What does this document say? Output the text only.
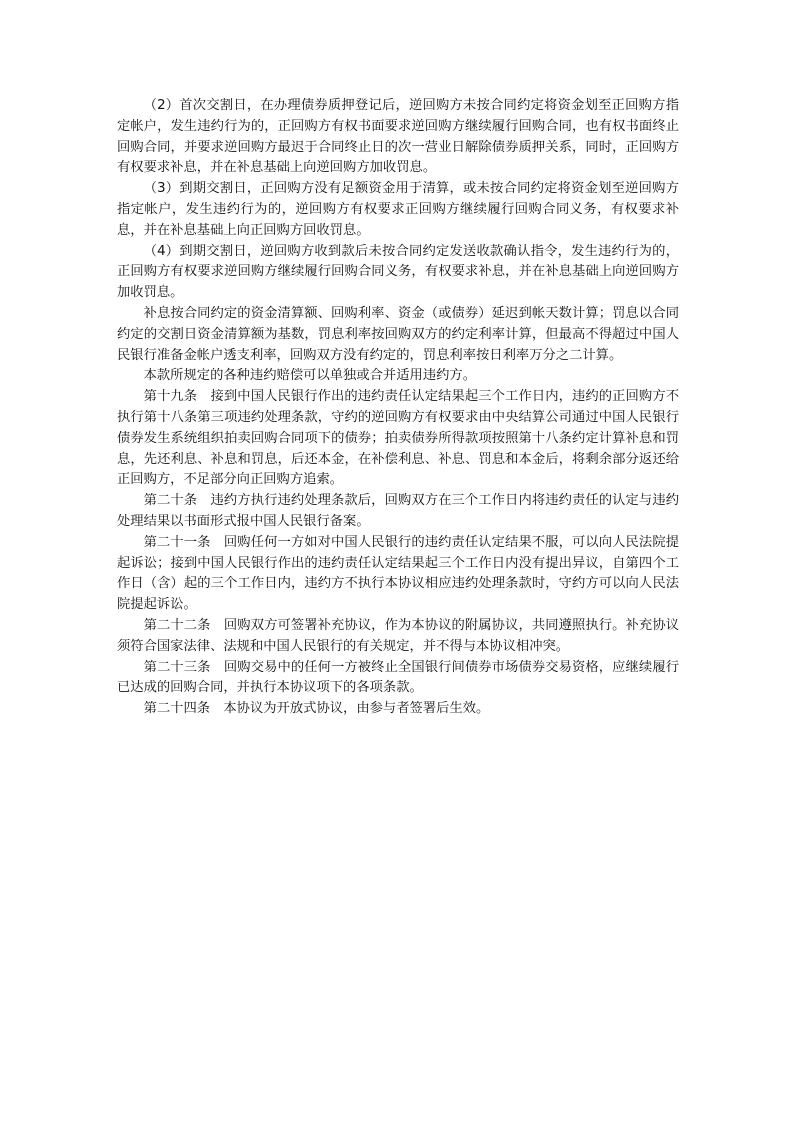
（2）首次交割日，在办理债券质押登记后，逆回购方未按合同约定将资金划至正回购方指定帐户，发生违约行为的，正回购方有权书面要求逆回购方继续履行回购合同，也有权书面终止回购合同，并要求逆回购方最迟于合同终止日的次一营业日解除债券质押关系，同时，正回购方有权要求补息，并在补息基础上向逆回购方加收罚息。

（3）到期交割日，正回购方没有足额资金用于清算，或未按合同约定将资金划至逆回购方指定帐户，发生违约行为的，逆回购方有权要求正回购方继续履行回购合同义务，有权要求补息，并在补息基础上向正回购方回收罚息。

（4）到期交割日，逆回购方收到款后未按合同约定发送收款确认指令，发生违约行为的，正回购方有权要求逆回购方继续履行回购合同义务，有权要求补息，并在补息基础上向逆回购方加收罚息。

补息按合同约定的资金清算额、回购利率、资金（或债券）延迟到帐天数计算；罚息以合同约定的交割日资金清算额为基数，罚息利率按回购双方的约定利率计算，但最高不得超过中国人民银行准备金帐户透支利率，回购双方没有约定的，罚息利率按日利率万分之二计算。

本款所规定的各种违约赔偿可以单独或合并适用违约方。

第十九条　接到中国人民银行作出的违约责任认定结果起三个工作日内，违约的正回购方不执行第十八条第三项违约处理条款，守约的逆回购方有权要求由中央结算公司通过中国人民银行债券发生系统组织拍卖回购合同项下的债券；拍卖债券所得款项按照第十八条约定计算补息和罚息，先还利息、补息和罚息，后还本金，在补偿利息、补息、罚息和本金后，将剩余部分返还给正回购方，不足部分向正回购方追索。

第二十条　违约方执行违约处理条款后，回购双方在三个工作日内将违约责任的认定与违约处理结果以书面形式报中国人民银行备案。

第二十一条　回购任何一方如对中国人民银行的违约责任认定结果不服，可以向人民法院提起诉讼；接到中国人民银行作出的违约责任认定结果起三个工作日内没有提出异议，自第四个工作日（含）起的三个工作日内，违约方不执行本协议相应违约处理条款时，守约方可以向人民法院提起诉讼。

第二十二条　回购双方可签署补充协议，作为本协议的附属协议，共同遵照执行。补充协议须符合国家法律、法规和中国人民银行的有关规定，并不得与本协议相冲突。

第二十三条　回购交易中的任何一方被终止全国银行间债券市场债券交易资格，应继续履行已达成的回购合同，并执行本协议项下的各项条款。

第二十四条　本协议为开放式协议，由参与者签署后生效。
